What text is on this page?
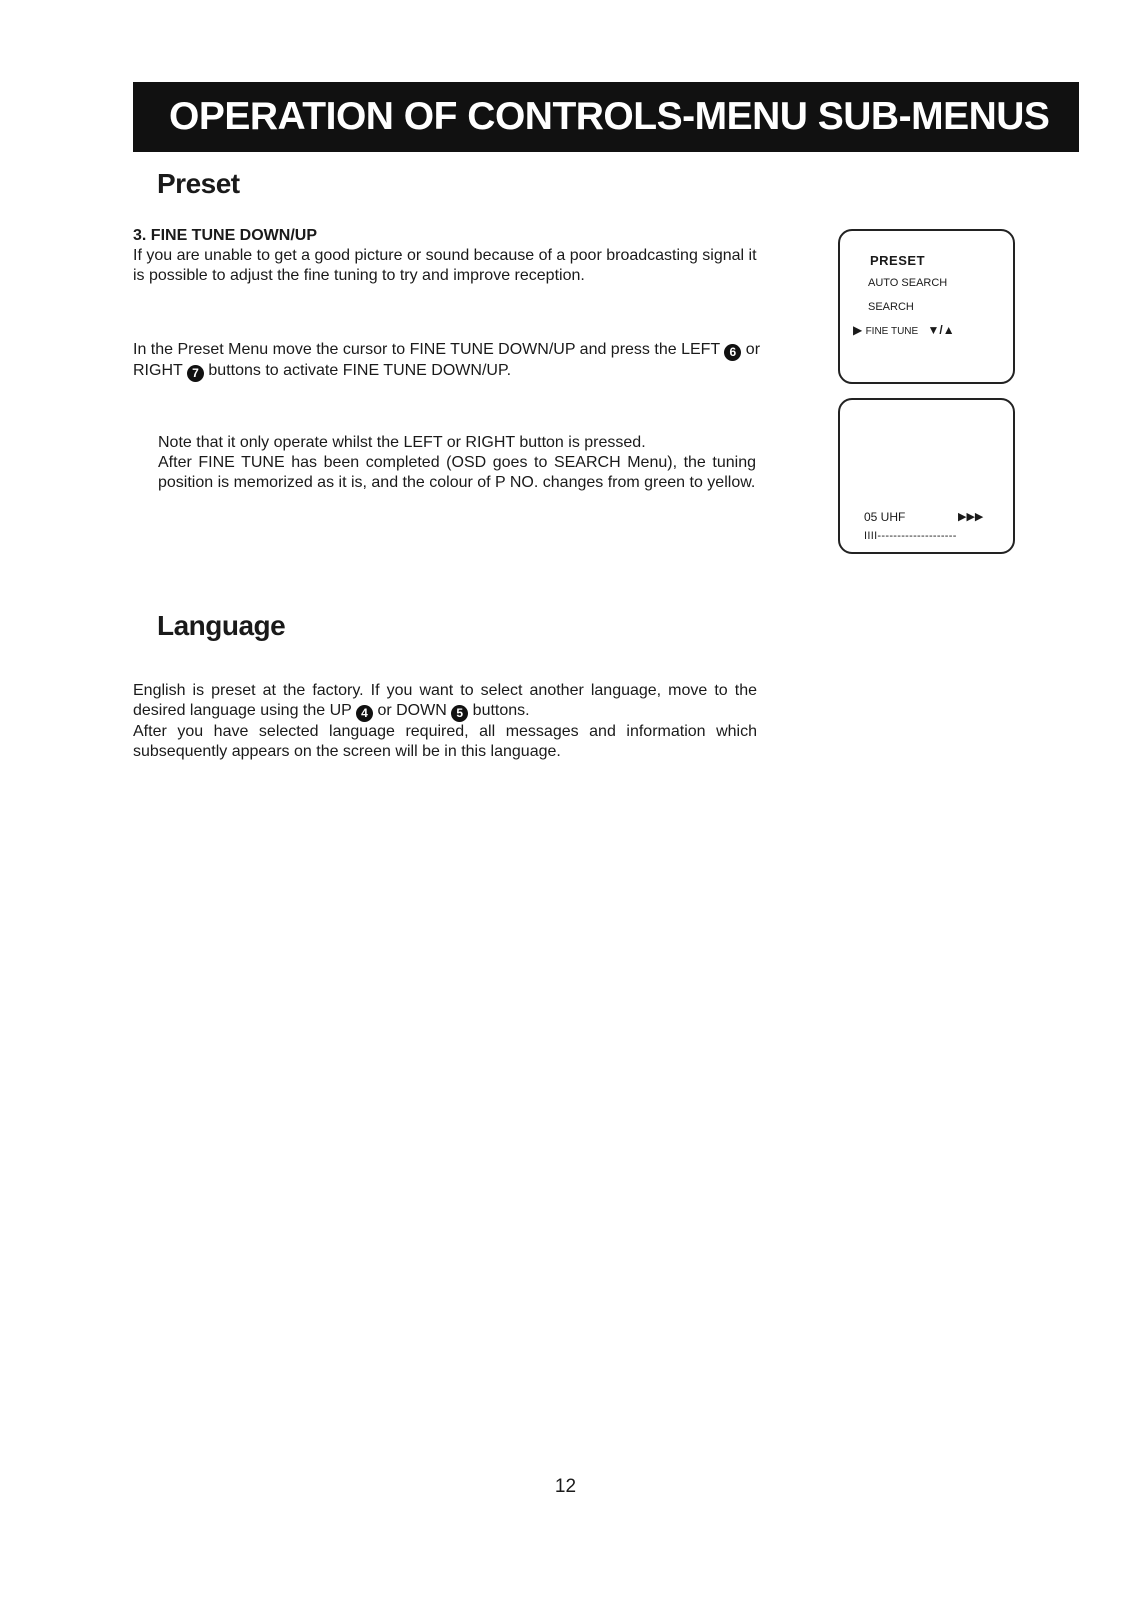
OPERATION OF CONTROLS-MENU SUB-MENUS
Preset

3. FINE TUNE DOWN/UP
If you are unable to get a good picture or sound because of a poor broadcasting signal it is possible to adjust the fine tuning to try and improve reception.

In the Preset Menu move the cursor to FINE TUNE DOWN/UP and press the LEFT 6 or RIGHT 7 buttons to activate FINE TUNE DOWN/UP.

Note that it only operate whilst the LEFT or RIGHT button is pressed.
After FINE TUNE has been completed (OSD goes to SEARCH Menu), the tuning position is memorized as it is, and the colour of P NO. changes from green to yellow.

PRESET
AUTO SEARCH
SEARCH
▶ FINE TUNE ▼/▲
05 UHF	▶▶▶
IIII--------------------
Language

English is preset at the factory. If you want to select another language, move to the desired language using the UP 4 or DOWN 5 buttons.
After you have selected language required, all messages and information which subsequently appears on the screen will be in this language.

12
